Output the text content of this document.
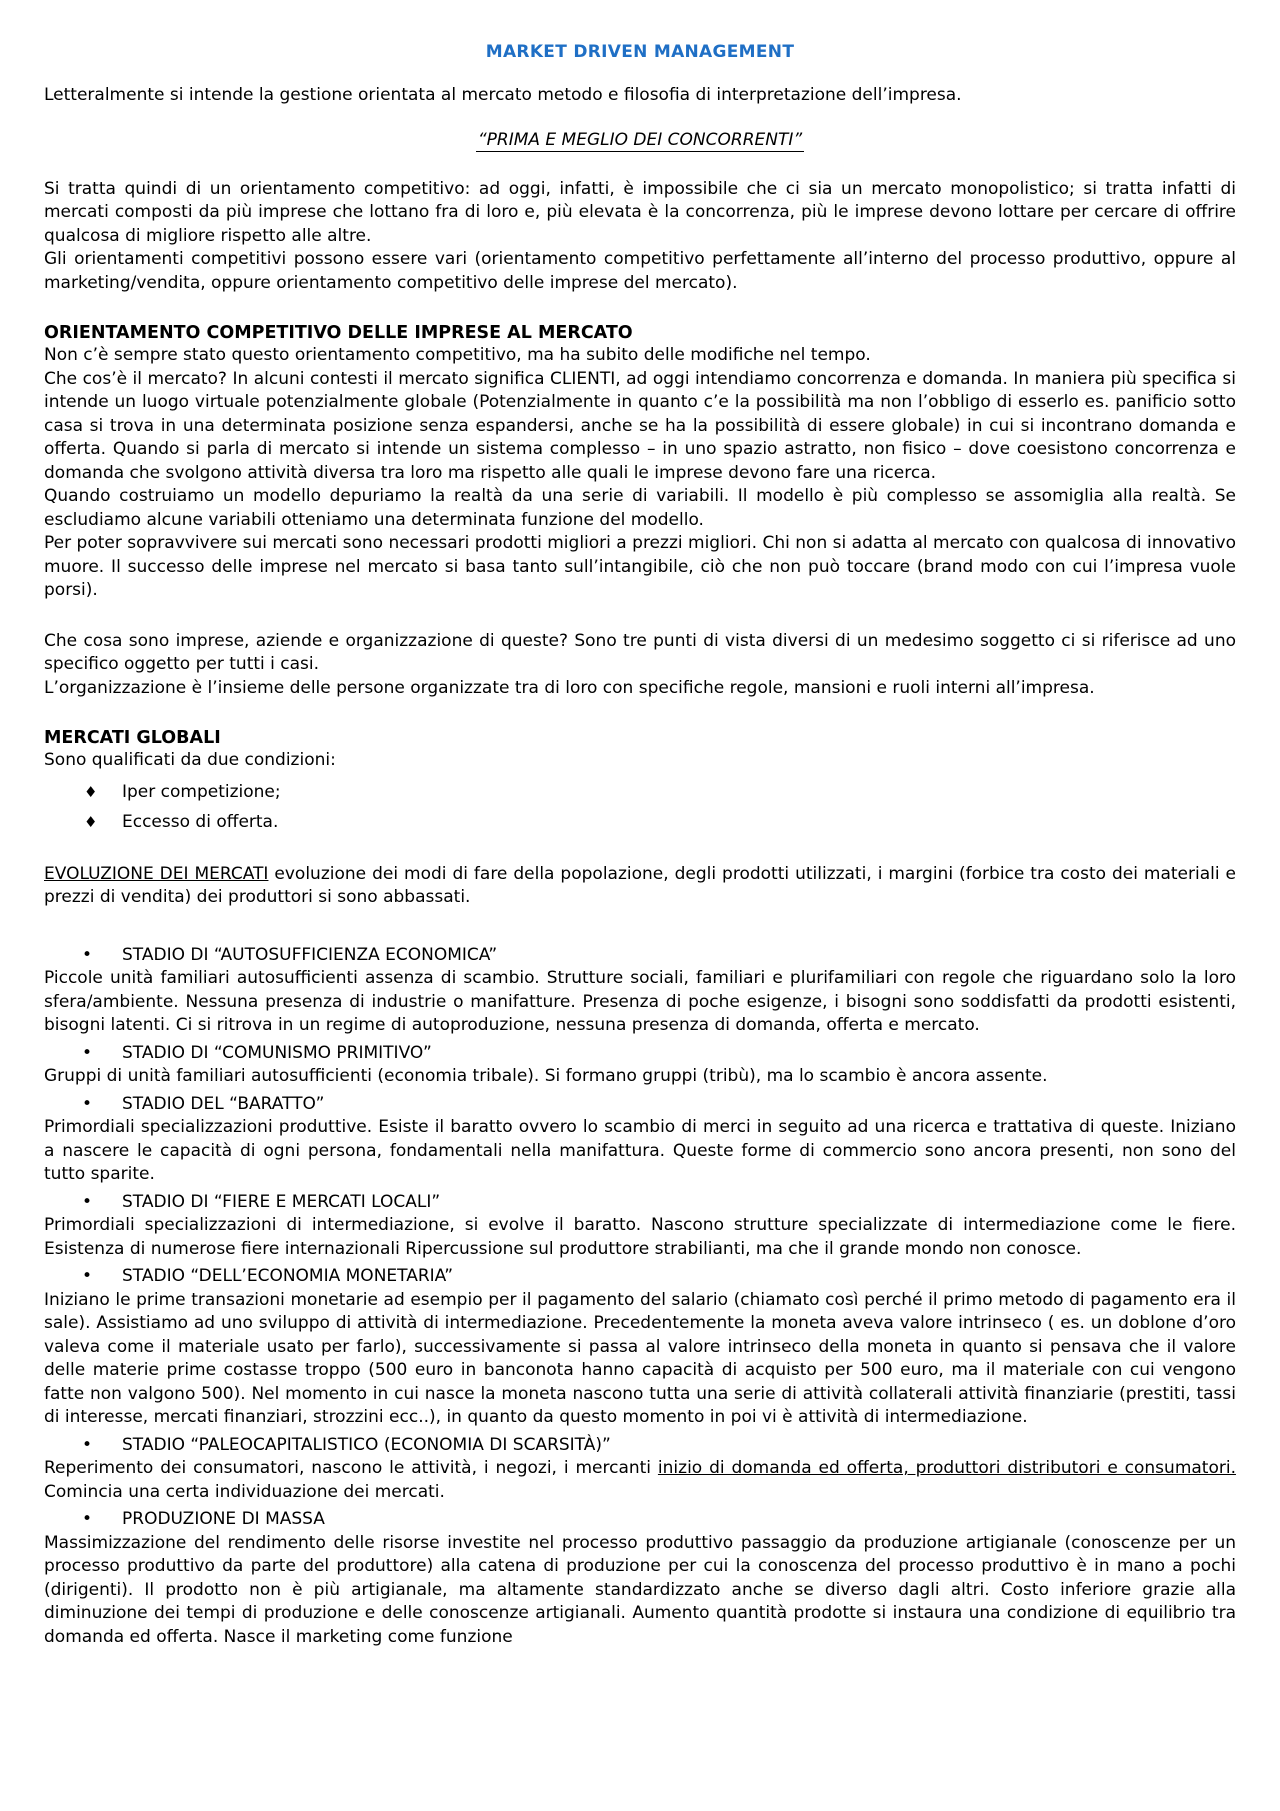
MARKET DRIVEN MANAGEMENT

Letteralmente si intende la gestione orientata al mercato metodo e filosofia di interpretazione dell’impresa.

“PRIMA E MEGLIO DEI CONCORRENTI”

Si tratta quindi di un orientamento competitivo: ad oggi, infatti, è impossibile che ci sia un mercato monopolistico; si tratta infatti di mercati composti da più imprese che lottano fra di loro e, più elevata è la concorrenza, più le imprese devono lottare per cercare di offrire qualcosa di migliore rispetto alle altre.

Gli orientamenti competitivi possono essere vari (orientamento competitivo perfettamente all’interno del processo produttivo, oppure al marketing/vendita, oppure orientamento competitivo delle imprese del mercato).

ORIENTAMENTO COMPETITIVO DELLE IMPRESE AL MERCATO

Non c’è sempre stato questo orientamento competitivo, ma ha subito delle modifiche nel tempo.

Che cos’è il mercato? In alcuni contesti il mercato significa CLIENTI, ad oggi intendiamo concorrenza e domanda. In maniera più specifica si intende un luogo virtuale potenzialmente globale (Potenzialmente in quanto c’e la possibilità ma non l’obbligo di esserlo es. panificio sotto casa si trova in una determinata posizione senza espandersi, anche se ha la possibilità di essere globale) in cui si incontrano domanda e offerta. Quando si parla di mercato si intende un sistema complesso – in uno spazio astratto, non fisico – dove coesistono concorrenza e domanda che svolgono attività diversa tra loro ma rispetto alle quali le imprese devono fare una ricerca.

Quando costruiamo un modello depuriamo la realtà da una serie di variabili. Il modello è più complesso se assomiglia alla realtà. Se escludiamo alcune variabili otteniamo una determinata funzione del modello.

Per poter sopravvivere sui mercati sono necessari prodotti migliori a prezzi migliori. Chi non si adatta al mercato con qualcosa di innovativo muore. Il successo delle imprese nel mercato si basa tanto sull’intangibile, ciò che non può toccare (brand modo con cui l’impresa vuole porsi).

Che cosa sono imprese, aziende e organizzazione di queste? Sono tre punti di vista diversi di un medesimo soggetto ci si riferisce ad uno specifico oggetto per tutti i casi.

L’organizzazione è l’insieme delle persone organizzate tra di loro con specifiche regole, mansioni e ruoli interni all’impresa.

MERCATI GLOBALI

Sono qualificati da due condizioni:

♦ Iper competizione;
♦ Eccesso di offerta.

EVOLUZIONE DEI MERCATI evoluzione dei modi di fare della popolazione, degli prodotti utilizzati, i margini (forbice tra costo dei materiali e prezzi di vendita) dei produttori si sono abbassati.

• STADIO DI “AUTOSUFFICIENZA ECONOMICA”

Piccole unità familiari autosufficienti assenza di scambio. Strutture sociali, familiari e plurifamiliari con regole che riguardano solo la loro sfera/ambiente. Nessuna presenza di industrie o manifatture. Presenza di poche esigenze, i bisogni sono soddisfatti da prodotti esistenti, bisogni latenti. Ci si ritrova in un regime di autoproduzione, nessuna presenza di domanda, offerta e mercato.

• STADIO DI “COMUNISMO PRIMITIVO”

Gruppi di unità familiari autosufficienti (economia tribale). Si formano gruppi (tribù), ma lo scambio è ancora assente.

• STADIO DEL “BARATTO”

Primordiali specializzazioni produttive. Esiste il baratto ovvero lo scambio di merci in seguito ad una ricerca e trattativa di queste. Iniziano a nascere le capacità di ogni persona, fondamentali nella manifattura. Queste forme di commercio sono ancora presenti, non sono del tutto sparite.

• STADIO DI “FIERE E MERCATI LOCALI”

Primordiali specializzazioni di intermediazione, si evolve il baratto. Nascono strutture specializzate di intermediazione come le fiere. Esistenza di numerose fiere internazionali Ripercussione sul produttore strabilianti, ma che il grande mondo non conosce.

• STADIO “DELL’ECONOMIA MONETARIA”

Iniziano le prime transazioni monetarie ad esempio per il pagamento del salario (chiamato così perché il primo metodo di pagamento era il sale). Assistiamo ad uno sviluppo di attività di intermediazione. Precedentemente la moneta aveva valore intrinseco ( es. un doblone d’oro valeva come il materiale usato per farlo), successivamente si passa al valore intrinseco della moneta in quanto si pensava che il valore delle materie prime costasse troppo (500 euro in banconota hanno capacità di acquisto per 500 euro, ma il materiale con cui vengono fatte non valgono 500). Nel momento in cui nasce la moneta nascono tutta una serie di attività collaterali attività finanziarie (prestiti, tassi di interesse, mercati finanziari, strozzini ecc..), in quanto da questo momento in poi vi è attività di intermediazione.

• STADIO “PALEOCAPITALISTICO (ECONOMIA DI SCARSITÀ)”

Reperimento dei consumatori, nascono le attività, i negozi, i mercanti inizio di domanda ed offerta, produttori distributori e consumatori. Comincia una certa individuazione dei mercati.

• PRODUZIONE DI MASSA

Massimizzazione del rendimento delle risorse investite nel processo produttivo passaggio da produzione artigianale (conoscenze per un processo produttivo da parte del produttore) alla catena di produzione per cui la conoscenza del processo produttivo è in mano a pochi (dirigenti). Il prodotto non è più artigianale, ma altamente standardizzato anche se diverso dagli altri. Costo inferiore grazie alla diminuzione dei tempi di produzione e delle conoscenze artigianali. Aumento quantità prodotte si instaura una condizione di equilibrio tra domanda ed offerta. Nasce il marketing come funzione
